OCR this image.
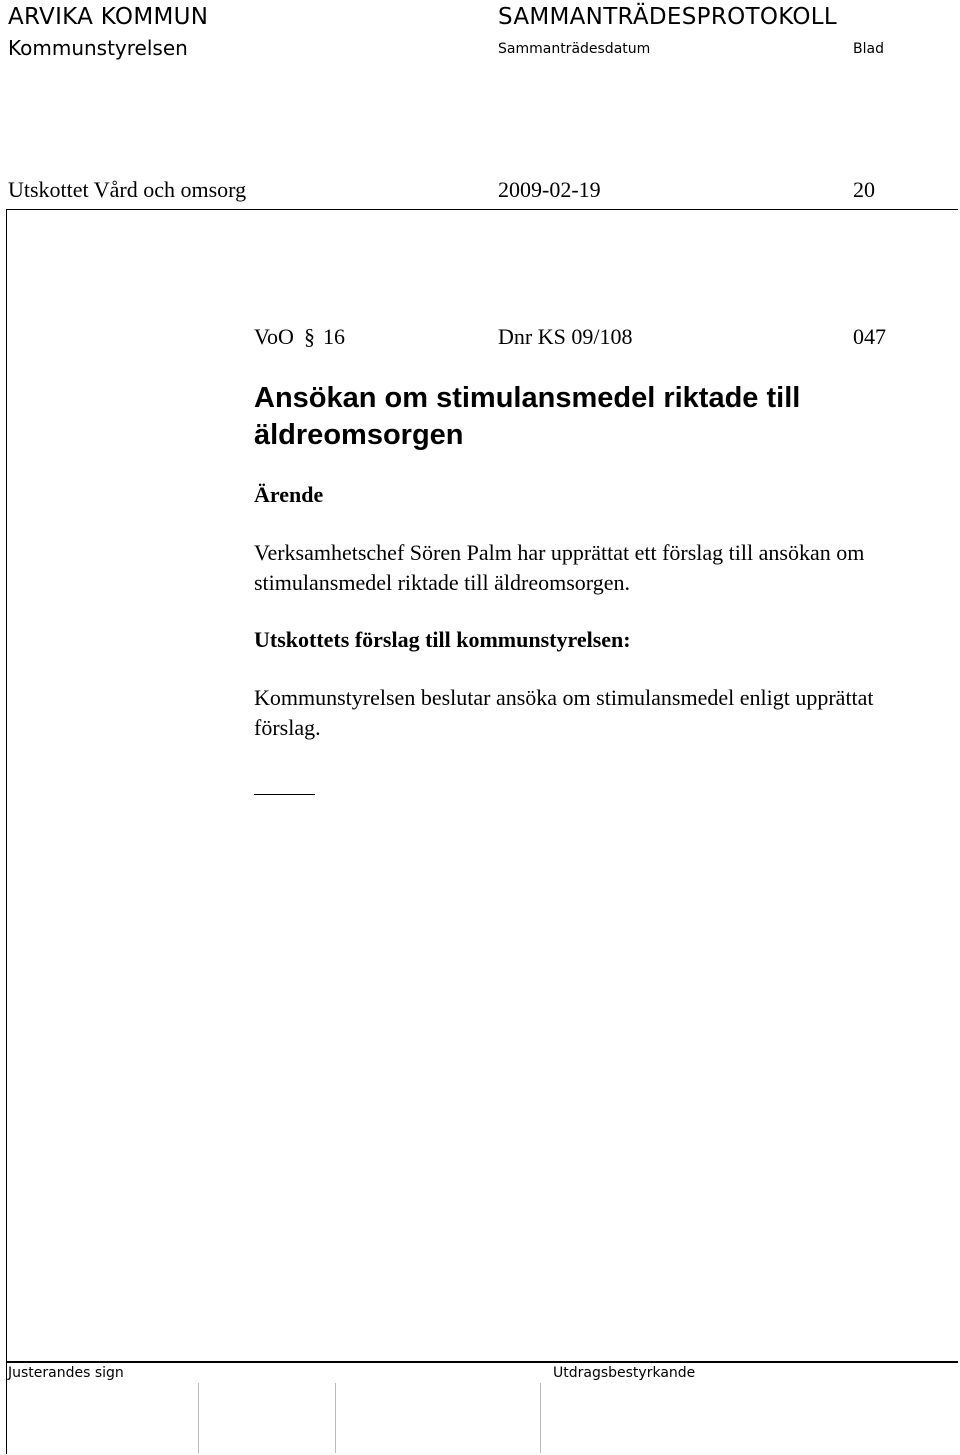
ARVIKA KOMMUN
Kommunstyrelsen
SAMMANTRÄDESPROTOKOLL
Sammanträdesdatum	Blad
Utskottet Vård och omsorg	2009-02-19	20
VoO § 16	Dnr KS 09/108	047
Ansökan om stimulansmedel riktade till äldreomsorgen
Ärende
Verksamhetschef Sören Palm har upprättat ett förslag till ansökan om stimulansmedel riktade till äldreomsorgen.
Utskottets förslag till kommunstyrelsen:
Kommunstyrelsen beslutar ansöka om stimulansmedel enligt upprättat förslag.
Justerandes sign	Utdragsbestyrkande
